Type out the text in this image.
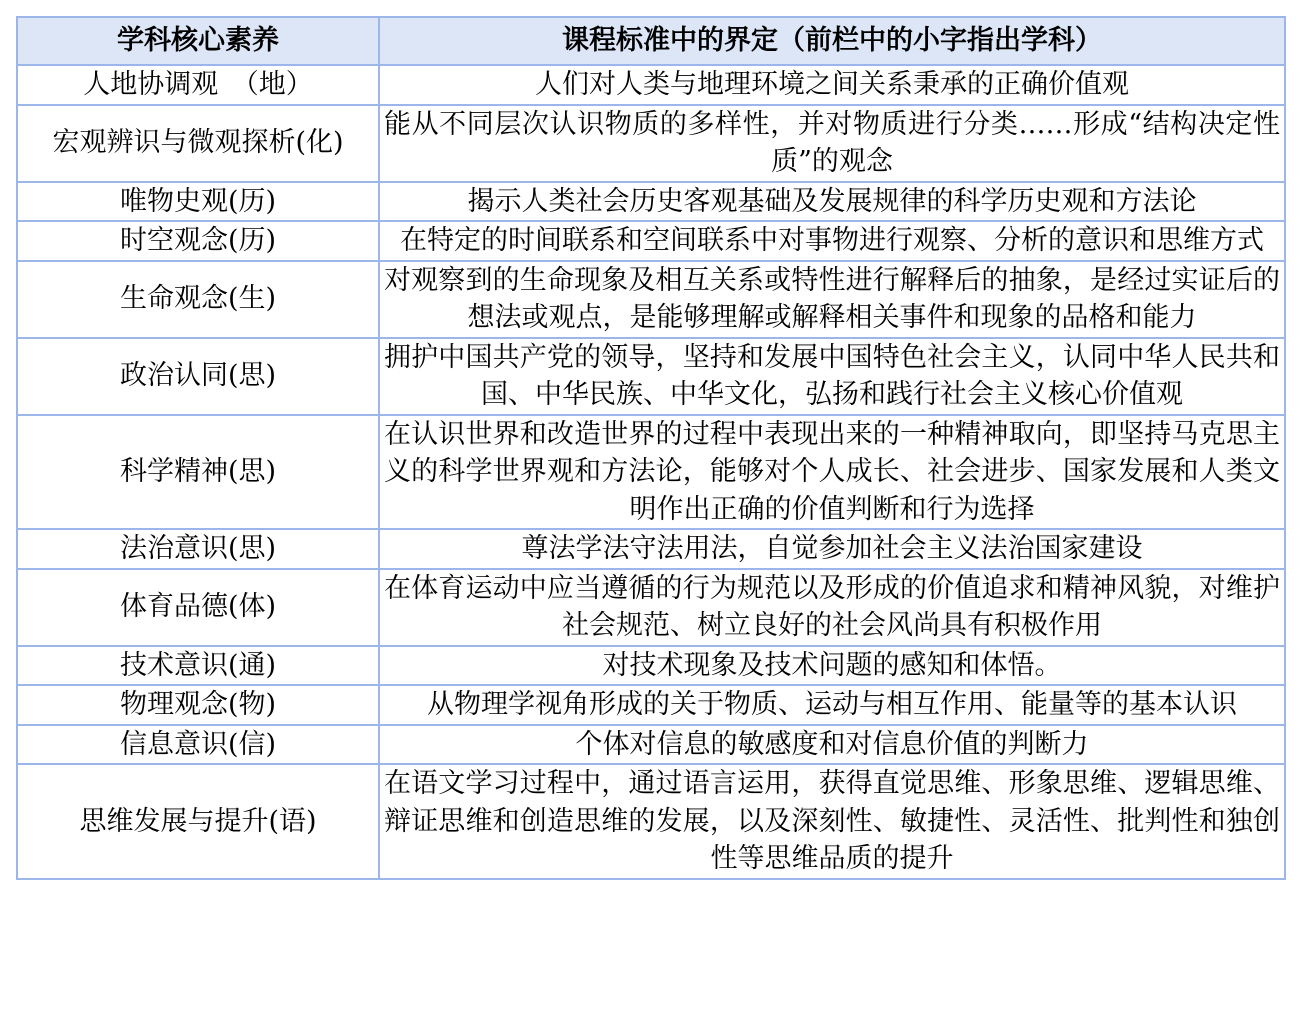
学科核心素养	课程标准中的界定（前栏中的小字指出学科）
人地协调观　（地）	人们对人类与地理环境之间关系秉承的正确价值观
宏观辨识与微观探析(化)	能从不同层次认识物质的多样性，并对物质进行分类……形成“结构决定性质”的观念
唯物史观(历)	揭示人类社会历史客观基础及发展规律的科学历史观和方法论
时空观念(历)	在特定的时间联系和空间联系中对事物进行观察、分析的意识和思维方式
生命观念(生)	对观察到的生命现象及相互关系或特性进行解释后的抽象，是经过实证后的想法或观点，是能够理解或解释相关事件和现象的品格和能力
政治认同(思)	拥护中国共产党的领导，坚持和发展中国特色社会主义，认同中华人民共和国、中华民族、中华文化，弘扬和践行社会主义核心价值观
科学精神(思)	在认识世界和改造世界的过程中表现出来的一种精神取向，即坚持马克思主义的科学世界观和方法论，能够对个人成长、社会进步、国家发展和人类文明作出正确的价值判断和行为选择
法治意识(思)	尊法学法守法用法，自觉参加社会主义法治国家建设
体育品德(体)	在体育运动中应当遵循的行为规范以及形成的价值追求和精神风貌，对维护社会规范、树立良好的社会风尚具有积极作用
技术意识(通)	对技术现象及技术问题的感知和体悟。
物理观念(物)	从物理学视角形成的关于物质、运动与相互作用、能量等的基本认识
信息意识(信)	个体对信息的敏感度和对信息价值的判断力
思维发展与提升(语)	在语文学习过程中，通过语言运用，获得直觉思维、形象思维、逻辑思维、辩证思维和创造思维的发展，以及深刻性、敏捷性、灵活性、批判性和独创性等思维品质的提升
